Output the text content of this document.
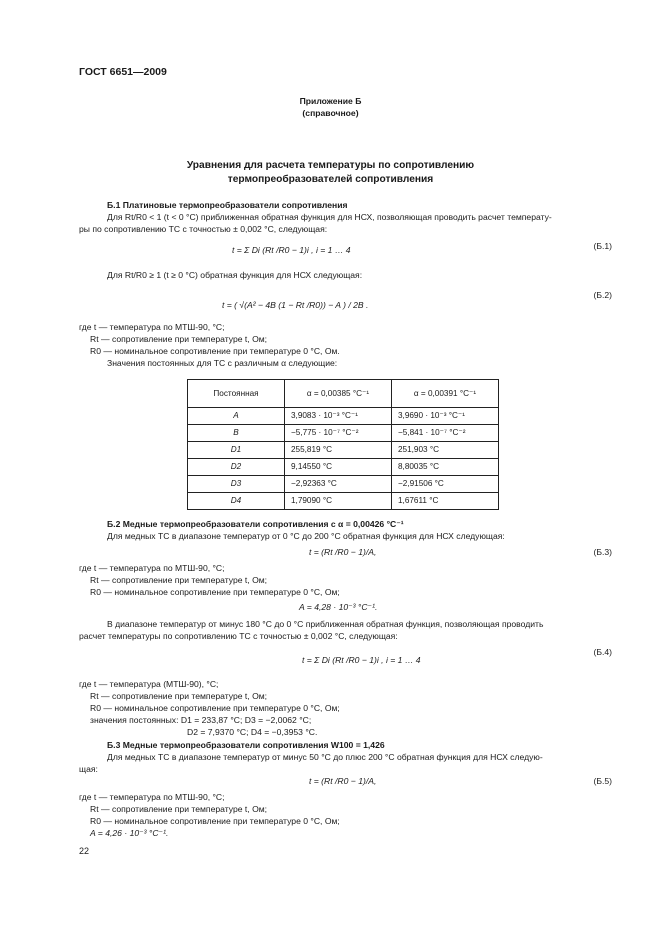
ГОСТ 6651—2009
Приложение Б
(справочное)
Уравнения для расчета температуры по сопротивлению
термопреобразователей сопротивления
Б.1 Платиновые термопреобразователи сопротивления
Для Rt/R0 < 1 (t < 0 °C) приближенная обратная функция для НСХ, позволяющая проводить расчет температу-
ры по сопротивлению ТС с точностью ± 0,002 °C, следующая:
t = Σ Di (Rt /R0 − 1)i , i = 1 … 4	(Б.1)
Для Rt/R0 ≥ 1 (t ≥ 0 °C) обратная функция для НСХ следующая:
t = ( √(A² − 4B (1 − Rt /R0)) − A ) / 2B .
(Б.2)
где t — температура по МТШ-90, °C;
Rt — сопротивление при температуре t, Ом;
R0 — номинальное сопротивление при температуре 0 °C, Ом.
Значения постоянных для ТС с различным α следующие:
Постоянная	α = 0,00385 °C⁻¹	α = 0,00391 °C⁻¹
A	3,9083 · 10⁻³ °C⁻¹	3,9690 · 10⁻³ °C⁻¹
B	−5,775 · 10⁻⁷ °C⁻²	−5,841 · 10⁻⁷ °C⁻²
D1	255,819 °C	251,903 °C
D2	9,14550 °C	8,80035 °C
D3	−2,92363 °C	−2,91506 °C
D4	1,79090 °C	1,67611 °C
Б.2 Медные термопреобразователи сопротивления с α = 0,00426 °C⁻¹
Для медных ТС в диапазоне температур от 0 °C до 200 °C обратная функция для НСХ следующая:
t = (Rt /R0 − 1)/A,	(Б.3)
где t — температура по МТШ-90, °C;
Rt — сопротивление при температуре t, Ом;
R0 — номинальное сопротивление при температуре 0 °C, Ом;
A = 4,28 · 10⁻³ °C⁻¹.
В диапазоне температур от минус 180 °C до 0 °C приближенная обратная функция, позволяющая проводить
расчет температуры по сопротивлению ТС с точностью ± 0,002 °C, следующая:
t = Σ Di (Rt /R0 − 1)i , i = 1 … 4
(Б.4)
где t — температура (МТШ-90), °C;
Rt — сопротивление при температуре t, Ом;
R0 — номинальное сопротивление при температуре 0 °C, Ом;
значения постоянных: D1 = 233,87 °C; D3 = −2,0062 °C;
D2 = 7,9370 °C; D4 = −0,3953 °C.
Б.3 Медные термопреобразователи сопротивления W100 = 1,426
Для медных ТС в диапазоне температур от минус 50 °C до плюс 200 °C обратная функция для НСХ следую-
щая:
t = (Rt /R0 − 1)/A,	(Б.5)
где t — температура по МТШ-90, °C;
Rt — сопротивление при температуре t, Ом;
R0 — номинальное сопротивление при температуре 0 °C, Ом;
A = 4,26 · 10⁻³ °C⁻¹.
22
